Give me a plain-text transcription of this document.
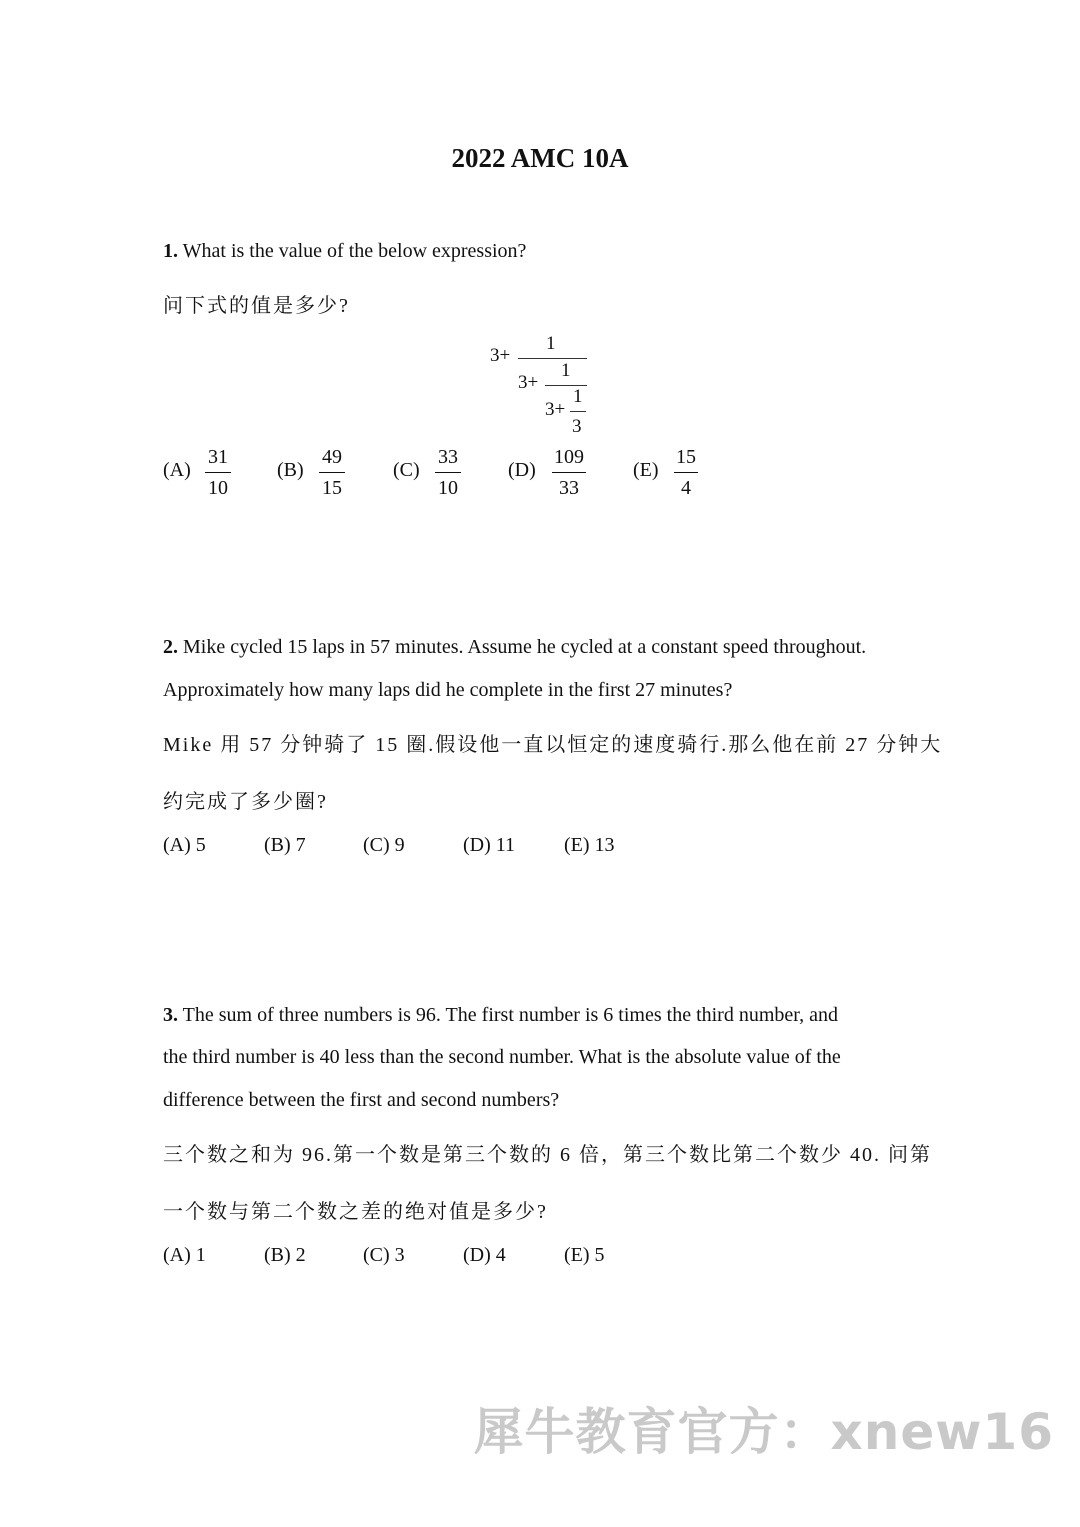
2022 AMC 10A
1. What is the value of the below expression?
问下式的值是多少?
3+
1
3+
1
3+
1
3
(A)
31
10
(B)
49
15
(C)
33
10
(D)
109
33
(E)
15
4
2. Mike cycled 15 laps in 57 minutes. Assume he cycled at a constant speed throughout.
Approximately how many laps did he complete in the first 27 minutes?
Mike 用 57 分钟骑了 15 圈.假设他一直以恒定的速度骑行.那么他在前 27 分钟大
约完成了多少圈?
(A) 5	(B) 7	(C) 9	(D) 11 (E) 13
3. The sum of three numbers is 96. The first number is 6 times the third number, and
the third number is 40 less than the second number. What is the absolute value of the
difference between the first and second numbers?
三个数之和为 96.第一个数是第三个数的 6 倍，第三个数比第二个数少 40. 问第
一个数与第二个数之差的绝对值是多少?
(A) 1	(B) 2	(C) 3	(D) 4	(E) 5
犀牛教育官方：xnew16
